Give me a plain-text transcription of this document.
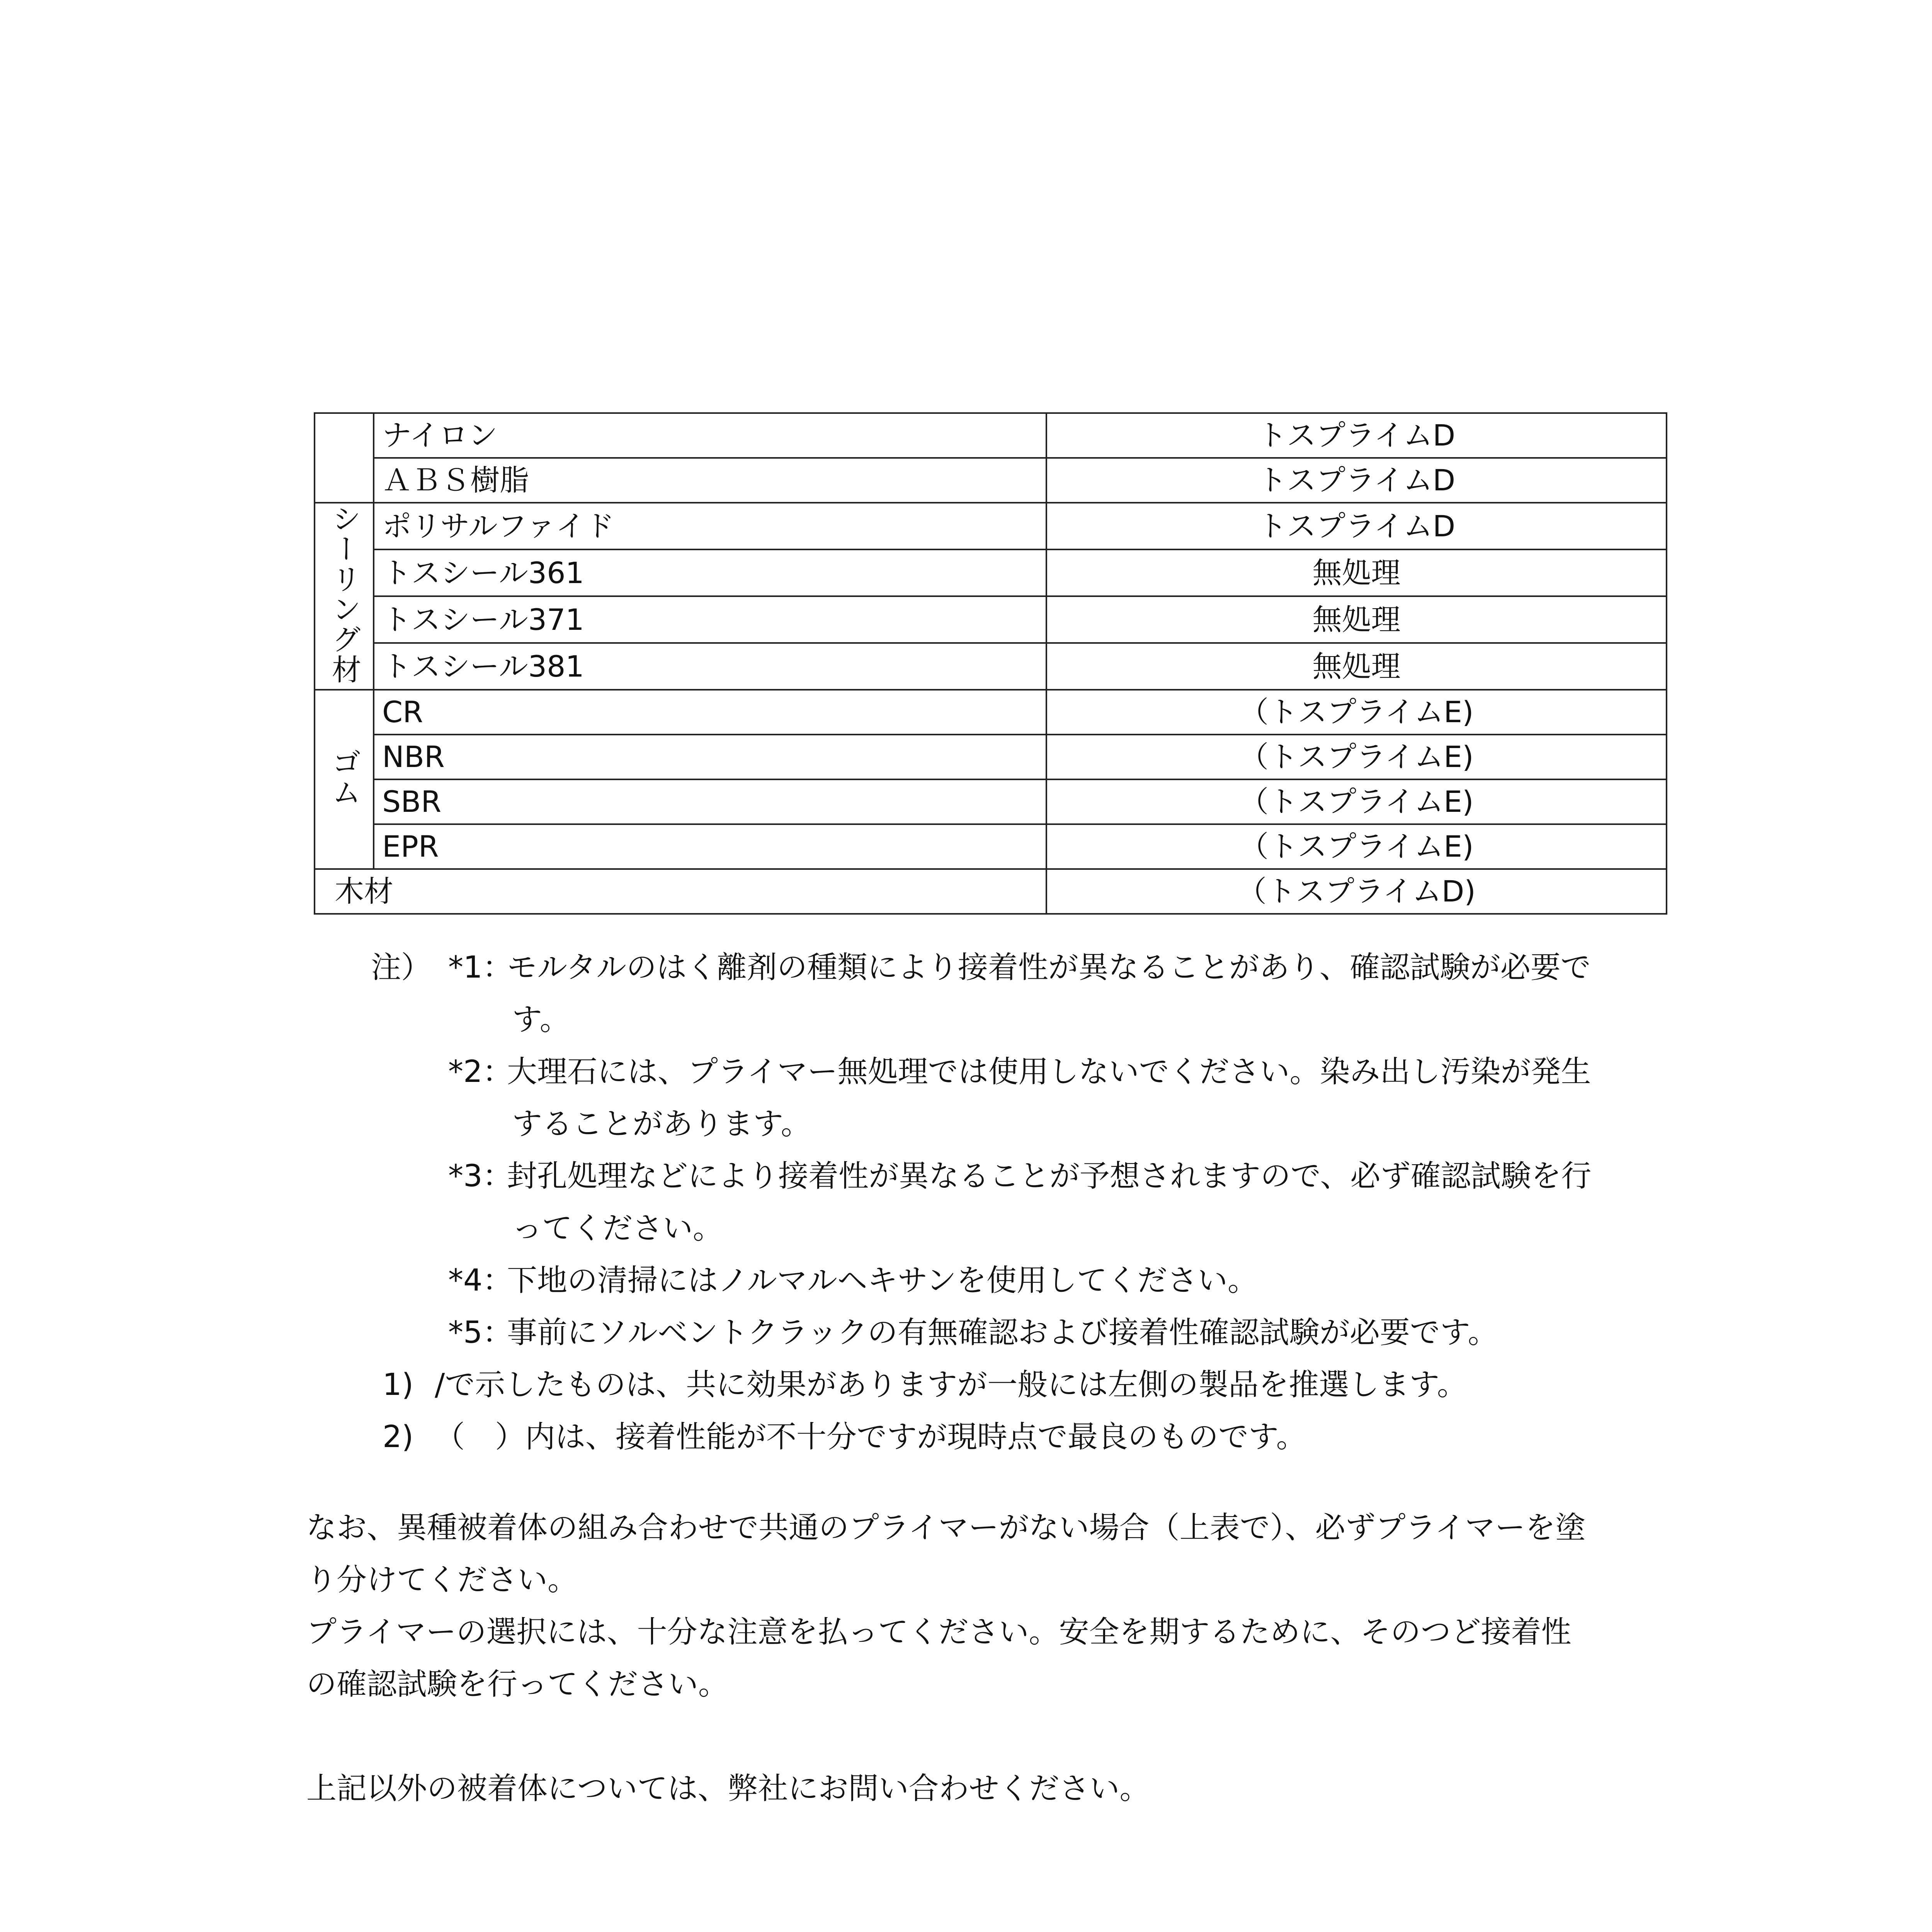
	ナイロン	トスプライムD
	ＡＢＳ樹脂	トスプライムD
シーリング材	ポリサルファイド	トスプライムD
	トスシール361	無処理
	トスシール371	無処理
	トスシール381	無処理
ゴム	CR	（トスプライムE)
	NBR	（トスプライムE)
	SBR	（トスプライムE)
	EPR	（トスプライムE)
木材		（トスプライムD)
注） *1：
モルタルのはく離剤の種類により接着性が異なることがあり、確認試験が必要で
す。
*2：
大理石には、プライマー無処理では使用しないでください。染み出し汚染が発生
することがあります。
*3：
封孔処理などにより接着性が異なることが予想されますので、必ず確認試験を行
ってください。
*4：
下地の清掃にはノルマルヘキサンを使用してください。
*5：
事前にソルベントクラックの有無確認および接着性確認試験が必要です。
1) /で示したものは、共に効果がありますが一般には左側の製品を推選します。
2) （　）内は、接着性能が不十分ですが現時点で最良のものです。
なお、異種被着体の組み合わせで共通のプライマーがない場合（上表で）、必ずプライマーを塗
り分けてください。
プライマーの選択には、十分な注意を払ってください。安全を期するために、そのつど接着性
の確認試験を行ってください。
上記以外の被着体については、弊社にお問い合わせください。
